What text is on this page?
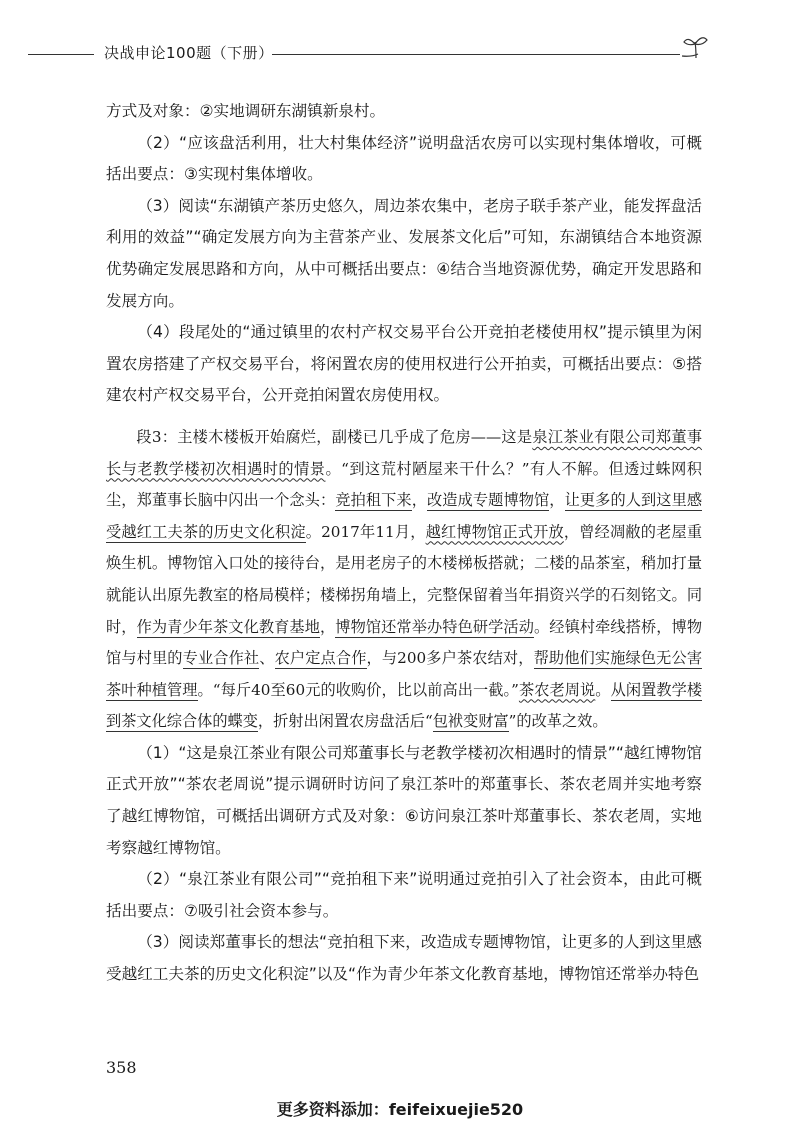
决战申论100题（下册）

方式及对象：②实地调研东湖镇新泉村。

（2）“应该盘活利用，壮大村集体经济”说明盘活农房可以实现村集体增收，可概括出要点：③实现村集体增收。

（3）阅读“东湖镇产茶历史悠久，周边茶农集中，老房子联手茶产业，能发挥盘活利用的效益”“确定发展方向为主营茶产业、发展茶文化后”可知，东湖镇结合本地资源优势确定发展思路和方向，从中可概括出要点：④结合当地资源优势，确定开发思路和发展方向。

（4）段尾处的“通过镇里的农村产权交易平台公开竞拍老楼使用权”提示镇里为闲置农房搭建了产权交易平台，将闲置农房的使用权进行公开拍卖，可概括出要点：⑤搭建农村产权交易平台，公开竞拍闲置农房使用权。

段3：主楼木楼板开始腐烂，副楼已几乎成了危房——这是泉江茶业有限公司郑董事长与老教学楼初次相遇时的情景。“到这荒村陋屋来干什么？”有人不解。但透过蛛网积尘，郑董事长脑中闪出一个念头：竞拍租下来，改造成专题博物馆，让更多的人到这里感受越红工夫茶的历史文化积淀。2017年11月，越红博物馆正式开放，曾经凋敝的老屋重焕生机。博物馆入口处的接待台，是用老房子的木楼梯板搭就；二楼的品茶室，稍加打量就能认出原先教室的格局模样；楼梯拐角墙上，完整保留着当年捐资兴学的石刻铭文。同时，作为青少年茶文化教育基地，博物馆还常举办特色研学活动。经镇村牵线搭桥，博物馆与村里的专业合作社、农户定点合作，与200多户茶农结对，帮助他们实施绿色无公害茶叶种植管理。“每斤40至60元的收购价，比以前高出一截。”茶农老周说。从闲置教学楼到茶文化综合体的蝶变，折射出闲置农房盘活后“包袱变财富”的改革之效。

（1）“这是泉江茶业有限公司郑董事长与老教学楼初次相遇时的情景”“越红博物馆正式开放”“茶农老周说”提示调研时访问了泉江茶叶的郑董事长、茶农老周并实地考察了越红博物馆，可概括出调研方式及对象：⑥访问泉江茶叶郑董事长、茶农老周，实地考察越红博物馆。

（2）“泉江茶业有限公司”“竞拍租下来”说明通过竞拍引入了社会资本，由此可概括出要点：⑦吸引社会资本参与。

（3）阅读郑董事长的想法“竞拍租下来，改造成专题博物馆，让更多的人到这里感受越红工夫茶的历史文化积淀”以及“作为青少年茶文化教育基地，博物馆还常举办特色

358
更多资料添加：feifeixuejie520
